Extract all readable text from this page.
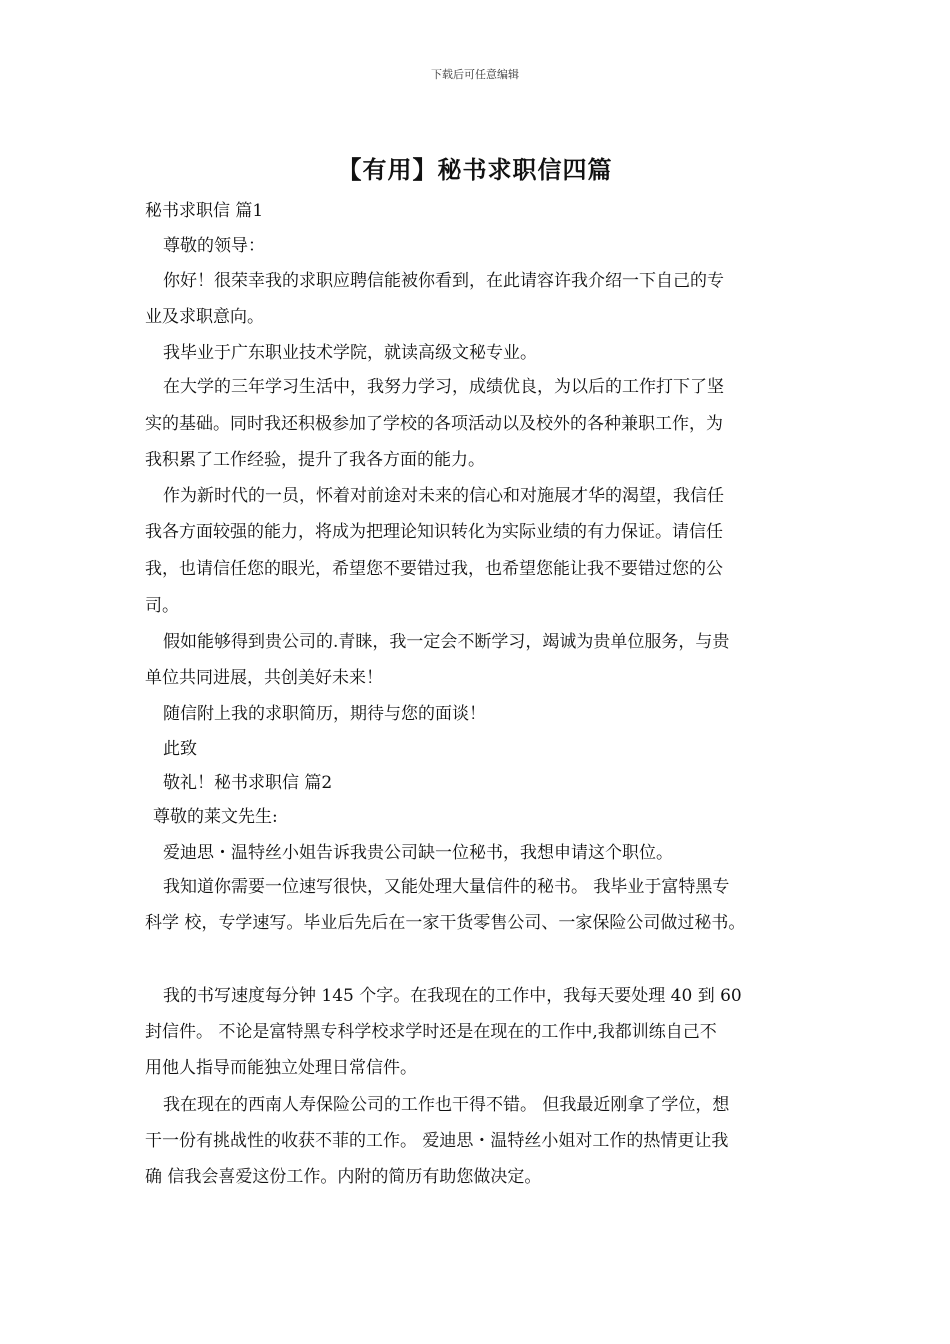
下载后可任意编辑
【有用】秘书求职信四篇
秘书求职信 篇1
尊敬的领导：
你好！很荣幸我的求职应聘信能被你看到，在此请容许我介绍一下自己的专
业及求职意向。
我毕业于广东职业技术学院，就读高级文秘专业。
在大学的三年学习生活中，我努力学习，成绩优良，为以后的工作打下了坚
实的基础。同时我还积极参加了学校的各项活动以及校外的各种兼职工作，为
我积累了工作经验，提升了我各方面的能力。
作为新时代的一员，怀着对前途对未来的信心和对施展才华的渴望，我信任
我各方面较强的能力，将成为把理论知识转化为实际业绩的有力保证。请信任
我，也请信任您的眼光，希望您不要错过我，也希望您能让我不要错过您的公
司。
假如能够得到贵公司的.青睐，我一定会不断学习，竭诚为贵单位服务，与贵
单位共同进展，共创美好未来！
随信附上我的求职简历，期待与您的面谈！
此致
敬礼！秘书求职信 篇2
尊敬的莱文先生:
爱迪思・温特丝小姐告诉我贵公司缺一位秘书，我想申请这个职位。
我知道你需要一位速写很快，又能处理大量信件的秘书。 我毕业于富特黑专
科学 校，专学速写。毕业后先后在一家干货零售公司、一家保险公司做过秘书。
我的书写速度每分钟 145 个字。在我现在的工作中，我每天要处理 40 到 60
封信件。 不论是富特黑专科学校求学时还是在现在的工作中,我都训练自己不
用他人指导而能独立处理日常信件。
我在现在的西南人寿保险公司的工作也干得不错。 但我最近刚拿了学位，想
干一份有挑战性的收获不菲的工作。 爱迪思・温特丝小姐对工作的热情更让我
确 信我会喜爱这份工作。内附的简历有助您做决定。
